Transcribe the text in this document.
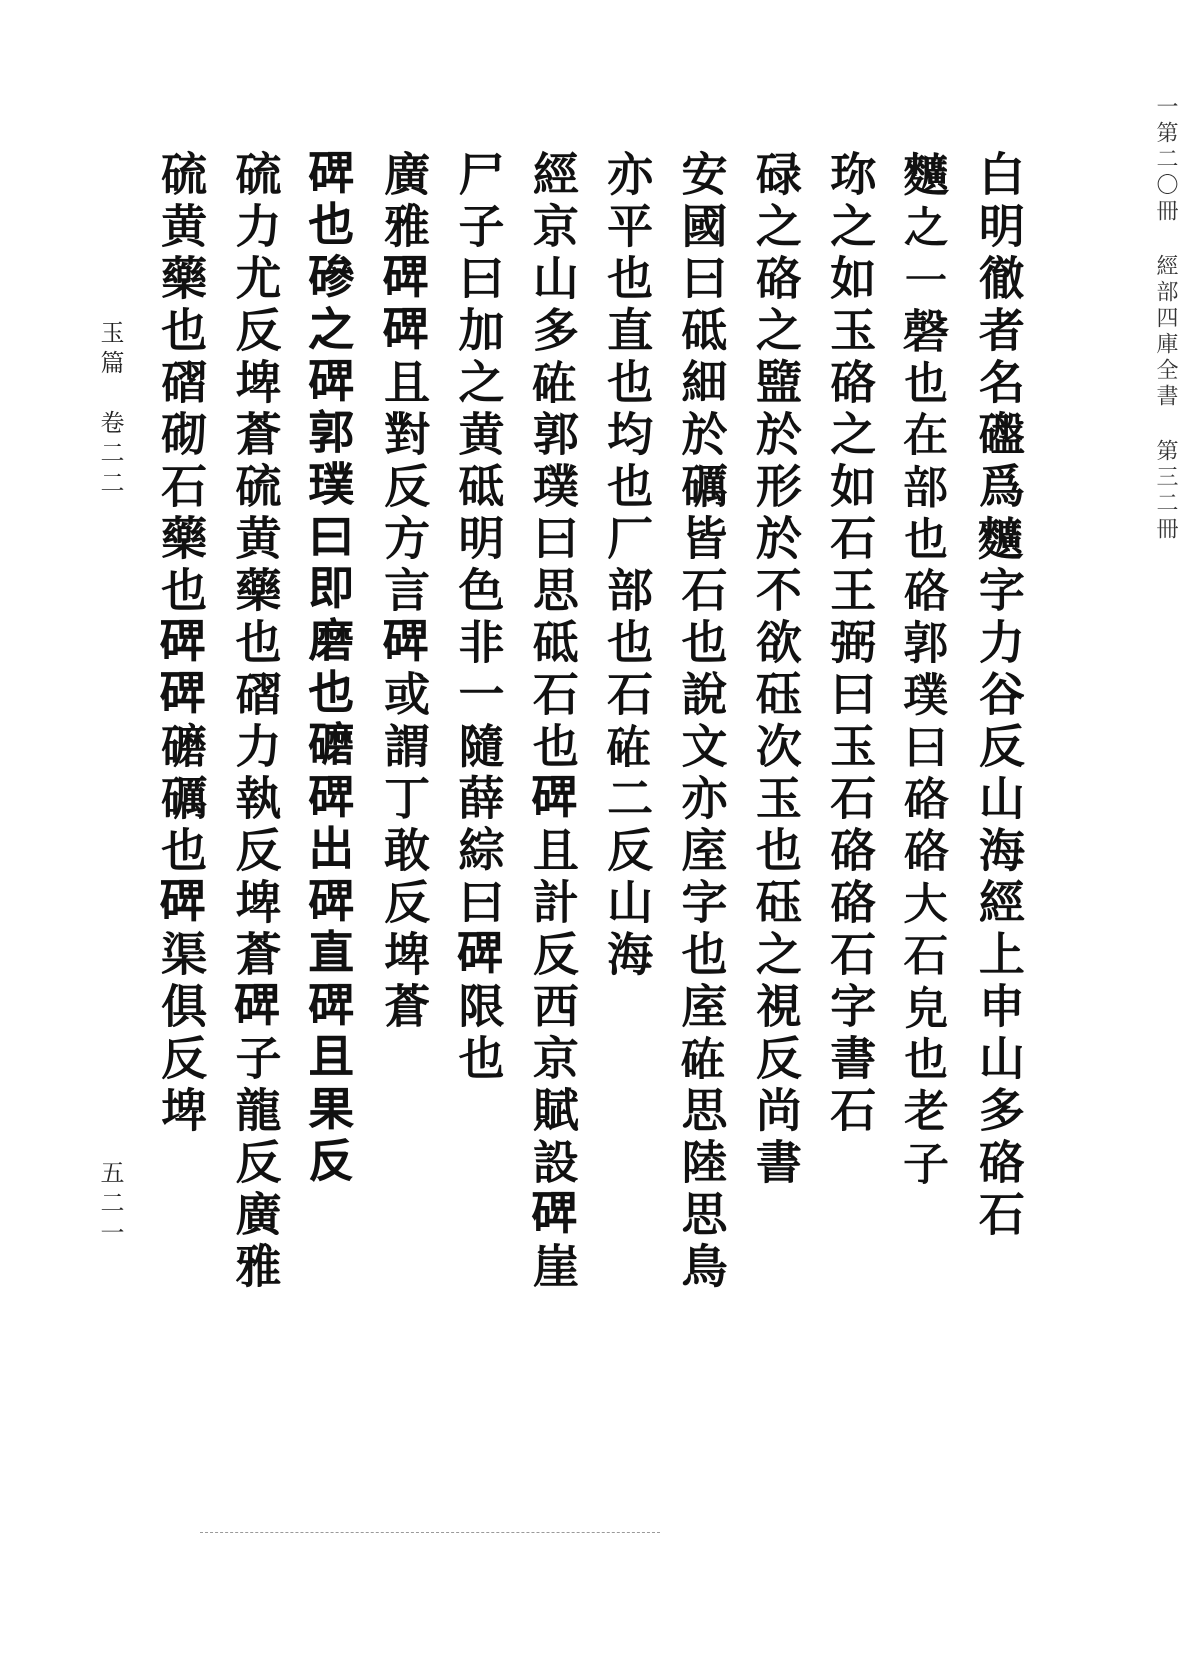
一第二〇冊 經部四庫全書 第三二冊
白明徹者名䃲爲𪍿字力谷反山海經上申山多硌石
𪍿之一磬也在部也硌郭璞曰硌硌大石皃也老子
珎之如玉硌之如石王弼曰玉石硌硌石字書石
碌之硌之盬於形於不欲砡次玉也砡之視反尚書
安國曰砥細於礪皆石也說文亦庢字也庢𥒒思陸思鳥
亦平也直也均也厂部也石𥒒二反山海
經京山多𥒒郭璞曰思砥石也𥓓且計反西京賦設𥓓崖
尸子曰加之黄砥明色非一隨薛綜曰𥓓限也
廣雅𥓓𥓓且對反方言𥓓或謂丁敢反埤蒼
𥓓也磣之𥓓郭璞曰即磨也礳𥓓出𥓓直𥓓且果反
硫力尤反埤蒼硫黄藥也磖力執反埤蒼𥓓子龍反廣雅
硫黄藥也磖砌石藥也𥓓𥓓礳礪也𥓓渠俱反埤
玉篇　卷二二
五二一
